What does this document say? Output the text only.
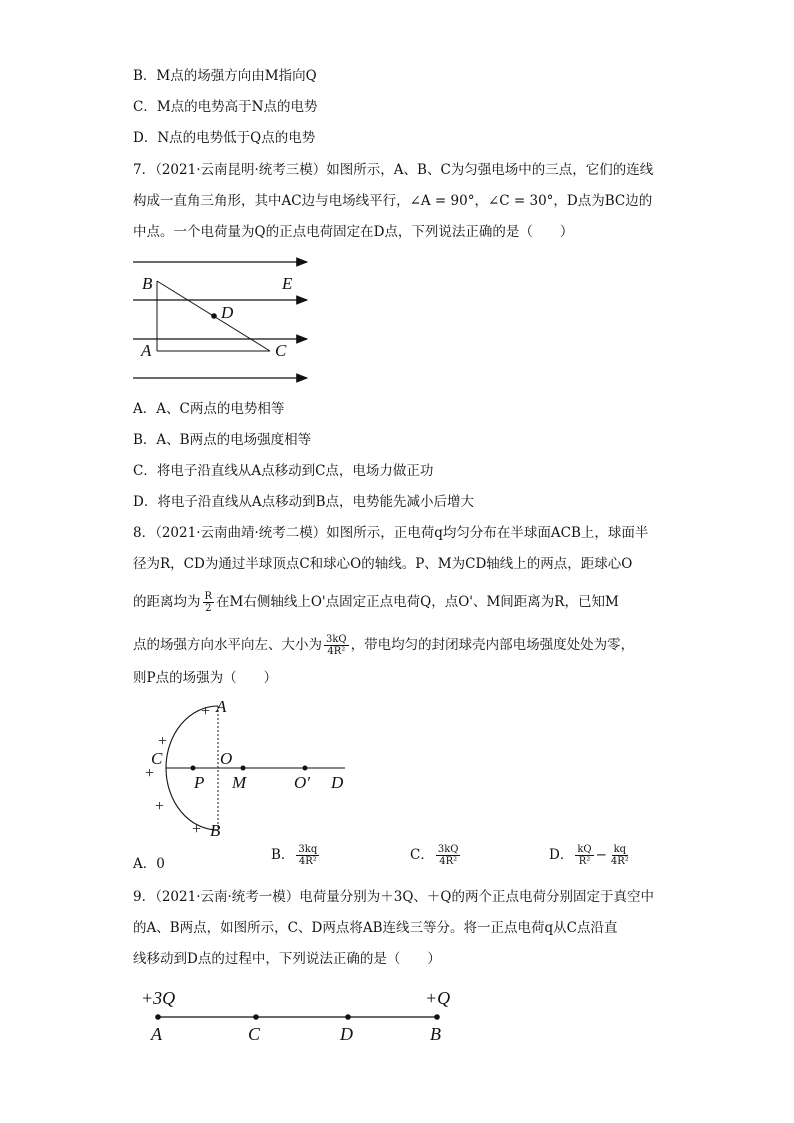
B．M点的场强方向由M指向Q
C．M点的电势高于N点的电势
D．N点的电势低于Q点的电势
7．（2021·云南昆明·统考三模）如图所示，A、B、C为匀强电场中的三点，它们的连线
构成一直角三角形，其中AC边与电场线平行，∠A = 90°，∠C = 30°，D点为BC边的
中点。一个电荷量为Q的正点电荷固定在D点，下列说法正确的是（　　）
B	E
D
A	C
A．A、C两点的电势相等
B．A、B两点的电场强度相等
C．将电子沿直线从A点移动到C点，电场力做正功
D．将电子沿直线从A点移动到B点，电势能先减小后增大
8．（2021·云南曲靖·统考二模）如图所示，正电荷q均匀分布在半球面ACB上，球面半
径为R，CD为通过半球顶点C和球心O的轴线。P、M为CD轴线上的两点，距球心O
的距离均为 $\frac{R}{2}$ 在M右侧轴线上O'点固定正点电荷Q，点O'、M间距离为R，已知M
点的场强方向水平向左、大小为 $\frac{3kQ}{\text{4R²}}$ ，带电均匀的封闭球壳内部电场强度处处为零，
则P点的场强为（　　）
+
+
+
+
+
A
B
C	O
P M	O′ D
A．0
B． $\frac{3kq}{\text{4R²}}$	C． $\frac{3kQ}{\text{4R²}}$	D． $\frac{kQ}{\text{R²}} - \frac{kq}{\text{4R²}}$
9．（2021·云南·统考一模）电荷量分别为＋3Q、＋Q的两个正点电荷分别固定于真空中
的A、B两点，如图所示，C、D两点将AB连线三等分。将一正点电荷q从C点沿直
线移动到D点的过程中，下列说法正确的是（　　）
+3Q	+Q
A	C	D	B
